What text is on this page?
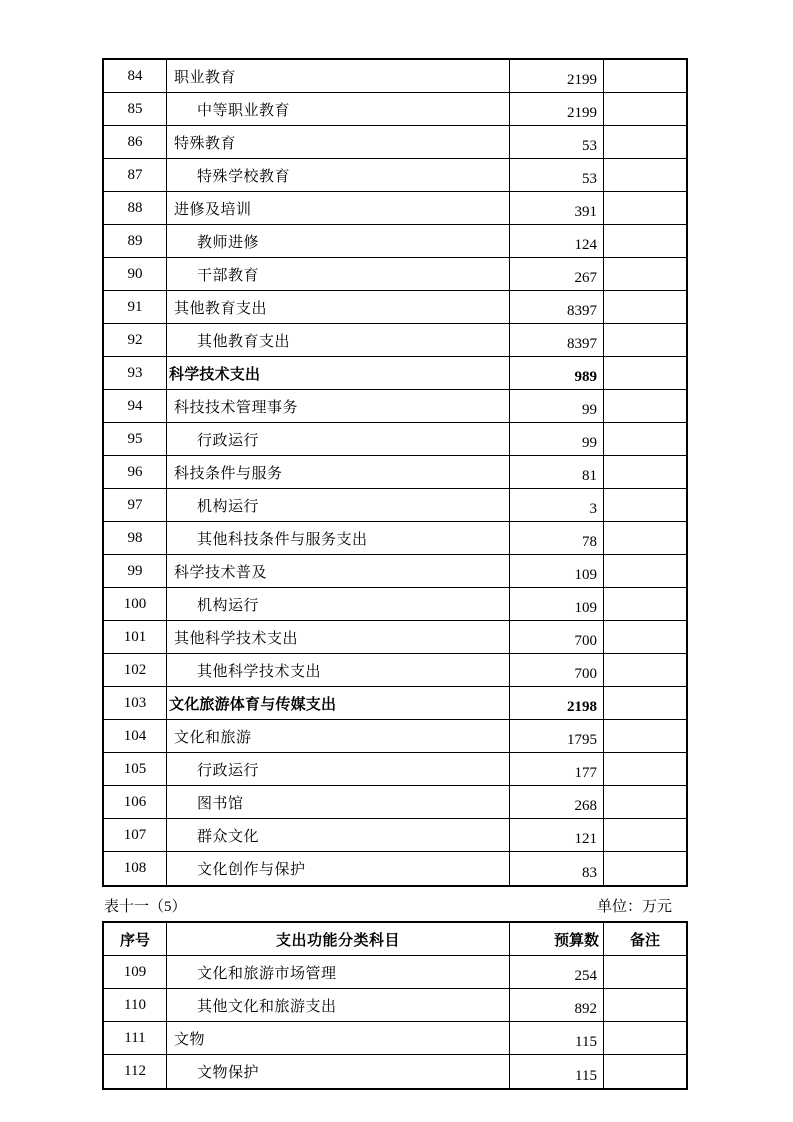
84	职业教育	2199
85	中等职业教育	2199
86	特殊教育	53
87	特殊学校教育	53
88	进修及培训	391
89	教师进修	124
90	干部教育	267
91	其他教育支出	8397
92	其他教育支出	8397
93	科学技术支出	989
94	科技技术管理事务	99
95	行政运行	99
96	科技条件与服务	81
97	机构运行	3
98	其他科技条件与服务支出	78
99	科学技术普及	109
100	机构运行	109
101	其他科学技术支出	700
102	其他科学技术支出	700
103	文化旅游体育与传媒支出	2198
104	文化和旅游	1795
105	行政运行	177
106	图书馆	268
107	群众文化	121
108	文化创作与保护	83
表十一（5）	单位：万元
序号	支出功能分类科目	预算数	备注
109	文化和旅游市场管理	254
110	其他文化和旅游支出	892
111	文物	115
112	文物保护	115
